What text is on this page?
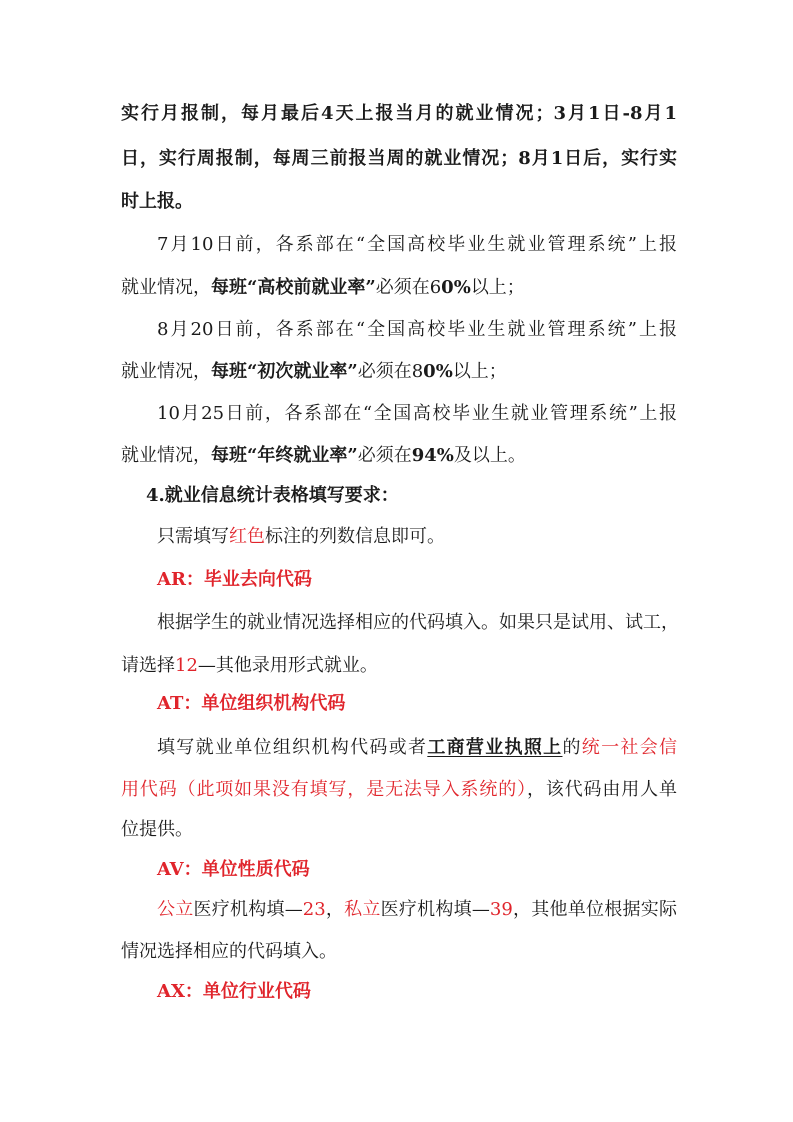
实行月报制，每月最后4天上报当月的就业情况；3月1日-8月1
日，实行周报制，每周三前报当周的就业情况；8月1日后，实行实
时上报。
7月10日前，各系部在“全国高校毕业生就业管理系统”上报
就业情况，每班“高校前就业率”必须在60%以上；
8月20日前，各系部在“全国高校毕业生就业管理系统”上报
就业情况，每班“初次就业率”必须在80%以上；
10月25日前，各系部在“全国高校毕业生就业管理系统”上报
就业情况，每班“年终就业率”必须在94%及以上。
4.就业信息统计表格填写要求：
只需填写红色标注的列数信息即可。
AR：毕业去向代码
根据学生的就业情况选择相应的代码填入。如果只是试用、试工，
请选择12—其他录用形式就业。
AT：单位组织机构代码
填写就业单位组织机构代码或者工商营业执照上的统一社会信
用代码（此项如果没有填写，是无法导入系统的），该代码由用人单
位提供。
AV：单位性质代码
公立医疗机构填—23，私立医疗机构填—39，其他单位根据实际
情况选择相应的代码填入。
AX：单位行业代码
